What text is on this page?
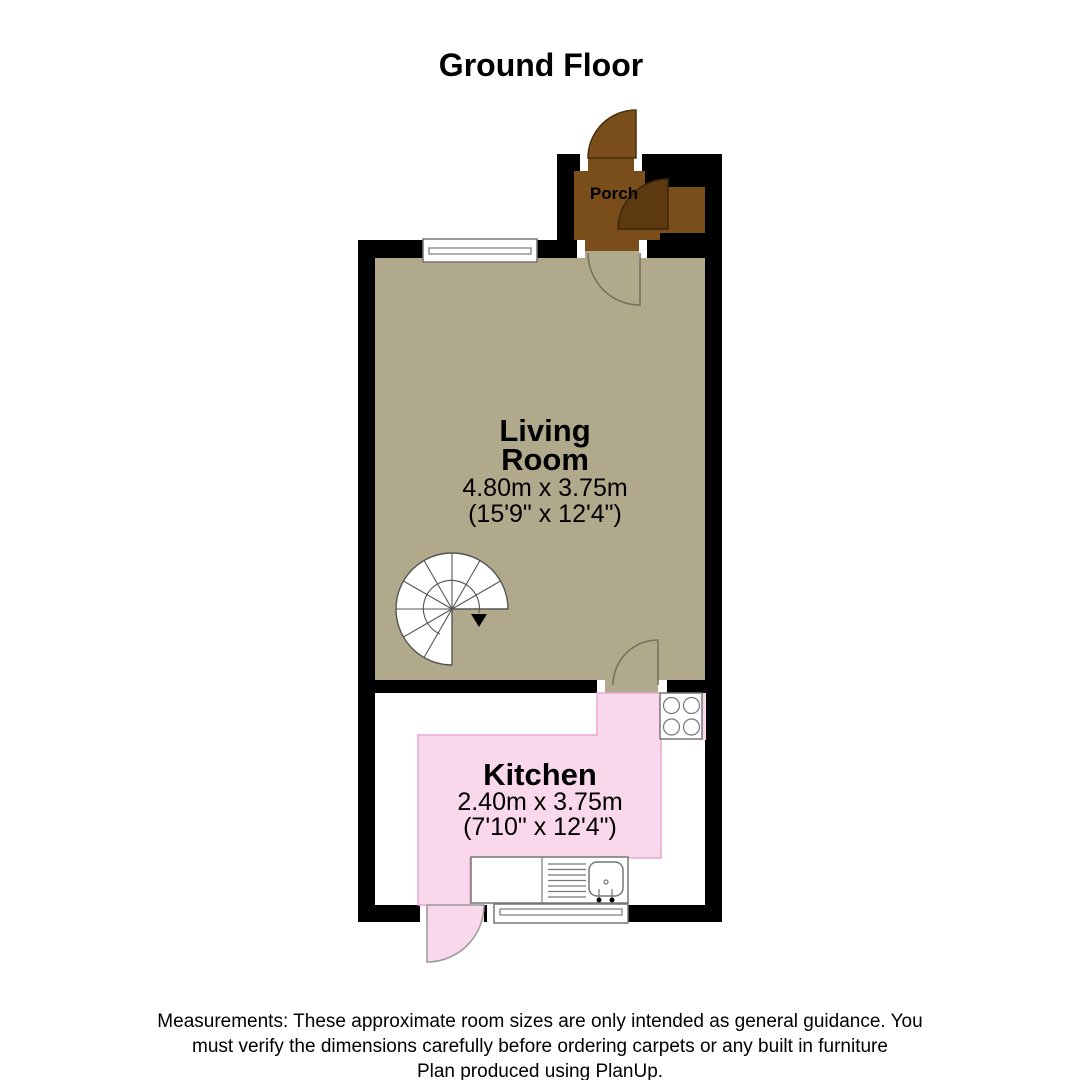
Ground Floor
Porch
Living
Room
4.80m x 3.75m
(15'9" x 12'4")
Kitchen
2.40m x 3.75m
(7'10" x 12'4")
Measurements: These approximate room sizes are only intended as general guidance. You
must verify the dimensions carefully before ordering carpets or any built in furniture
Plan produced using PlanUp.
